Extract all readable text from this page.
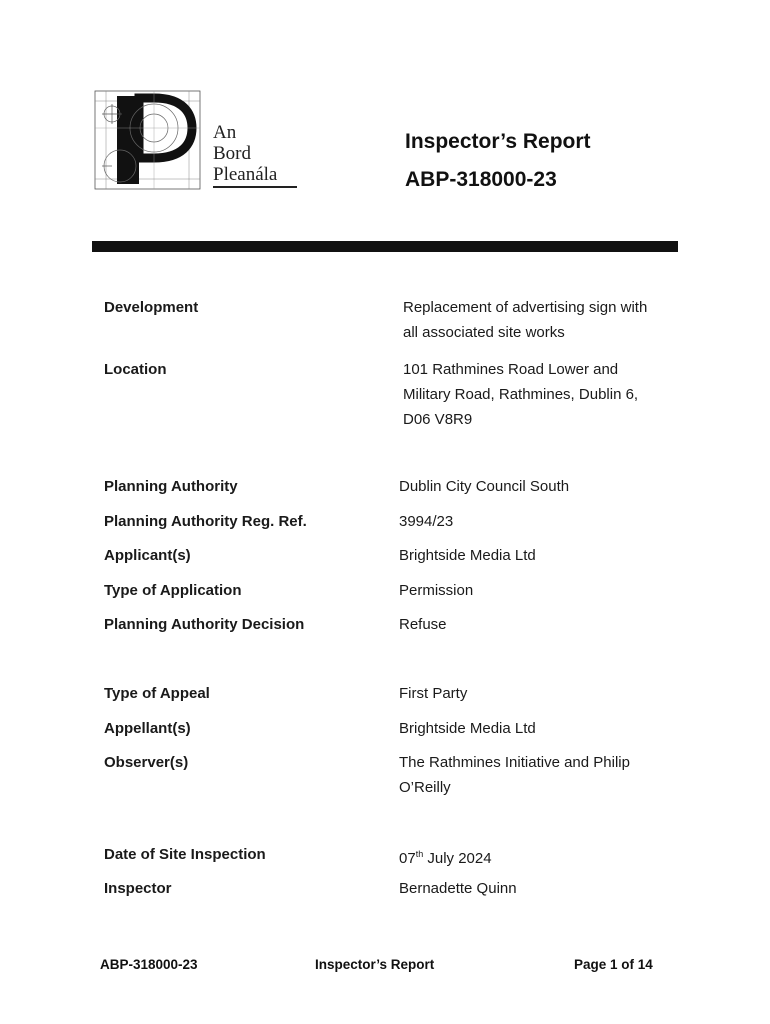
An
Bord
Pleanála
Inspector’s Report
ABP-318000-23
Development	Replacement of advertising sign with
all associated site works
Location	101 Rathmines Road Lower and
Military Road, Rathmines, Dublin 6,
D06 V8R9
Planning Authority	Dublin City Council South
Planning Authority Reg. Ref.	3994/23
Applicant(s)	Brightside Media Ltd
Type of Application	Permission
Planning Authority Decision	Refuse
Type of Appeal	First Party
Appellant(s)	Brightside Media Ltd
Observer(s)	The Rathmines Initiative and Philip
O’Reilly
Date of Site Inspection	07th July 2024
Inspector	Bernadette Quinn
ABP-318000-23	Inspector’s Report	Page 1 of 14
